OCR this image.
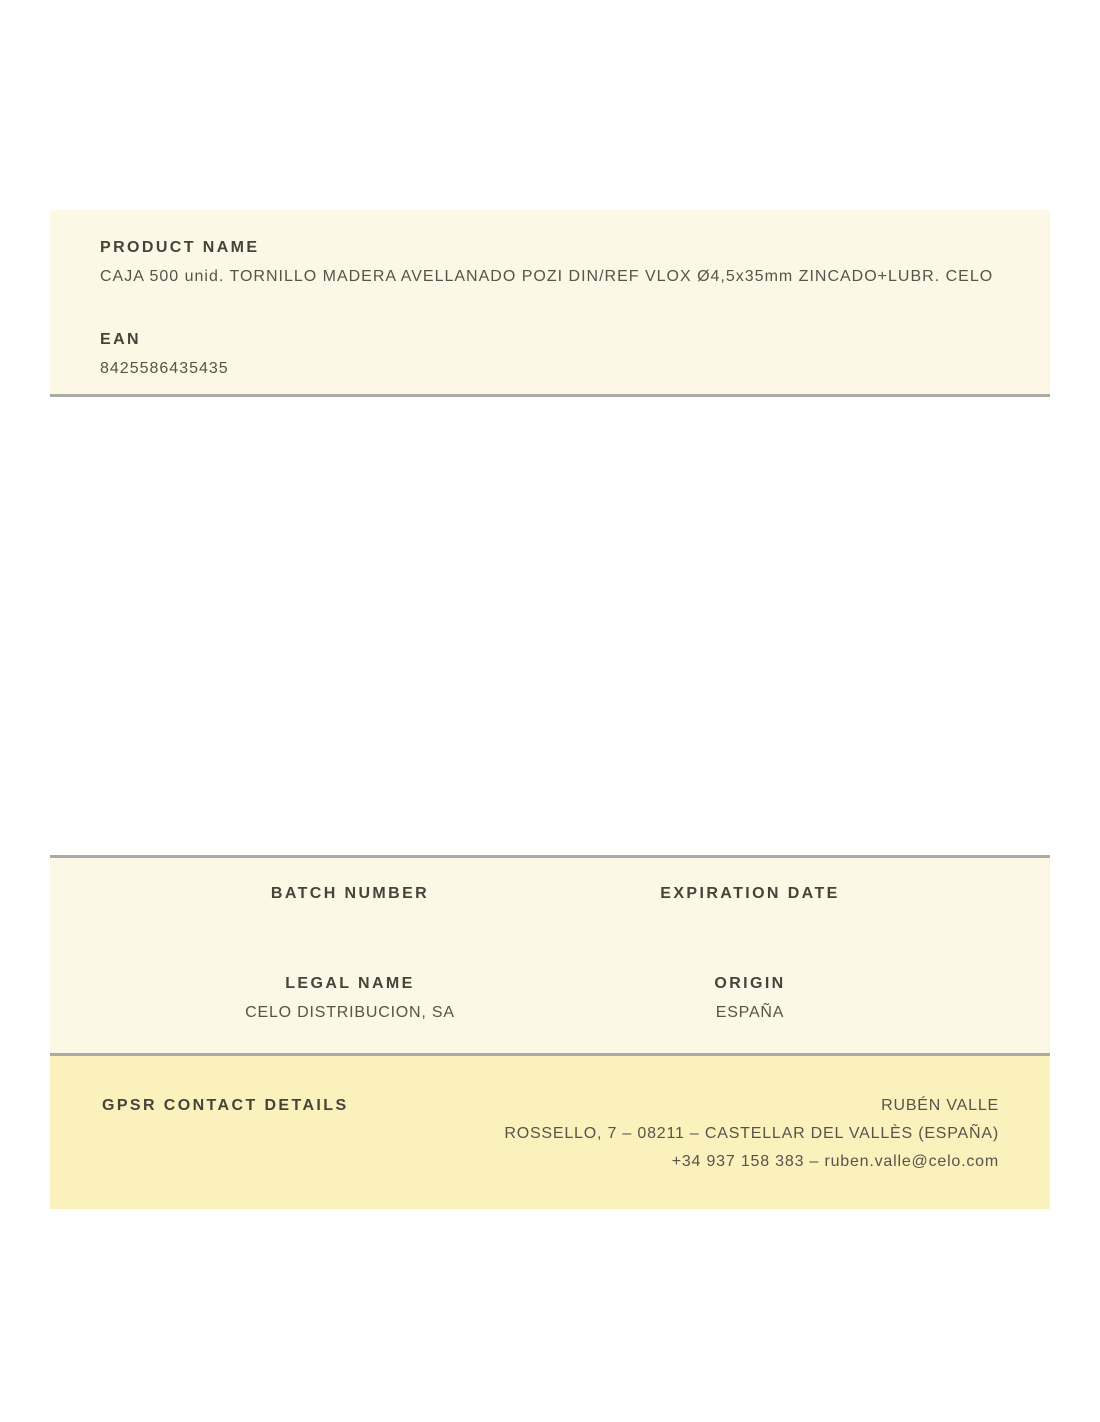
PRODUCT NAME
CAJA 500 unid. TORNILLO MADERA AVELLANADO POZI DIN/REF VLOX Ø4,5x35mm ZINCADO+LUBR. CELO
EAN
8425586435435
BATCH NUMBER
LEGAL NAME
CELO DISTRIBUCION, SA
EXPIRATION DATE
ORIGIN
ESPAÑA
GPSR CONTACT DETAILS	RUBÉN VALLE
ROSSELLO, 7 – 08211 – CASTELLAR DEL VALLÈS (ESPAÑA)
+34 937 158 383 – ruben.valle@celo.com
